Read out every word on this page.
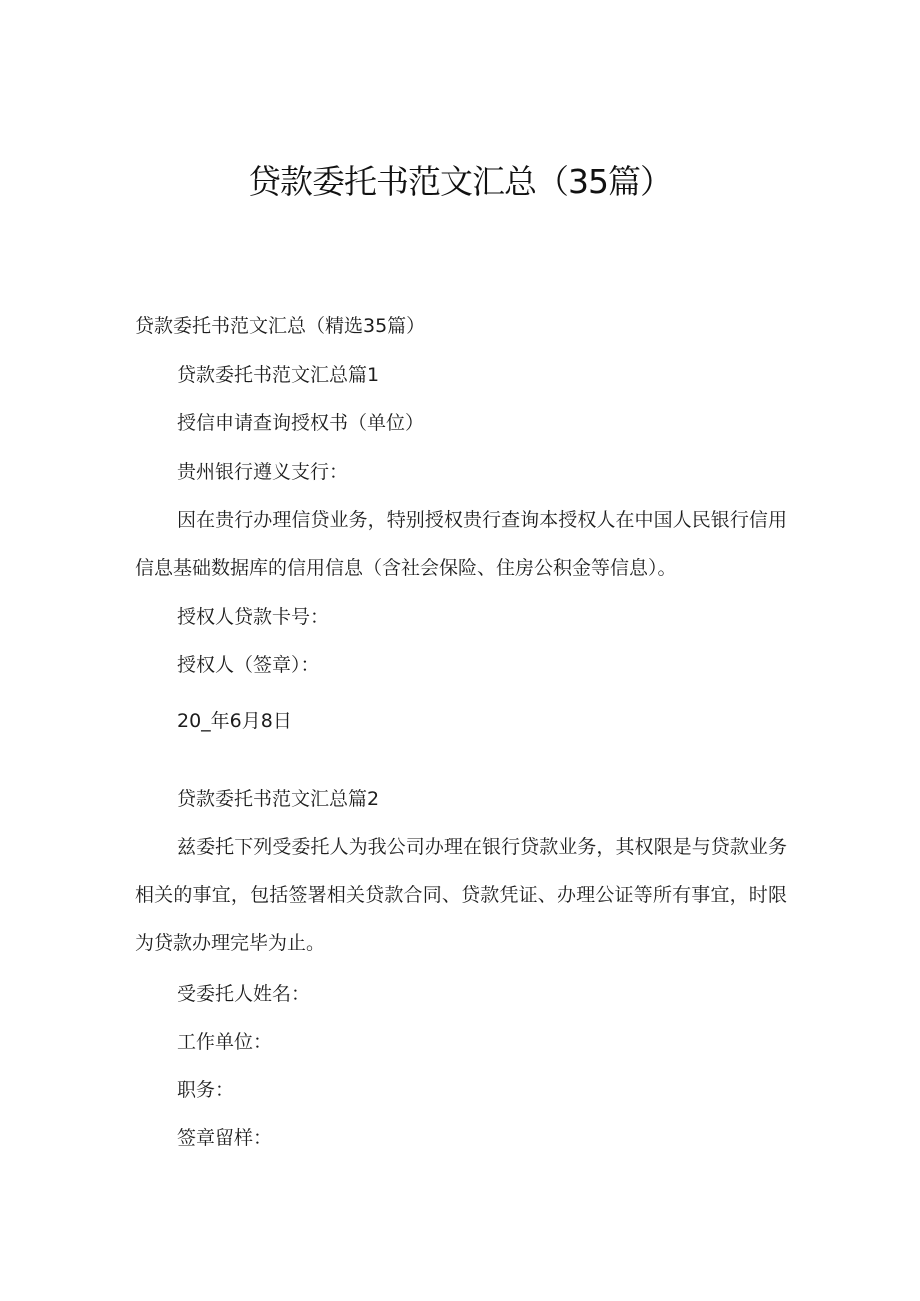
贷款委托书范文汇总（35篇）
贷款委托书范文汇总（精选35篇）
贷款委托书范文汇总篇1
授信申请查询授权书（单位）
贵州银行遵义支行：
因在贵行办理信贷业务，特别授权贵行查询本授权人在中国人民银行信用信息基础数据库的信用信息（含社会保险、住房公积金等信息）。
授权人贷款卡号：
授权人（签章）：
20_年6月8日
贷款委托书范文汇总篇2
兹委托下列受委托人为我公司办理在银行贷款业务，其权限是与贷款业务相关的事宜，包括签署相关贷款合同、贷款凭证、办理公证等所有事宜，时限为贷款办理完毕为止。
受委托人姓名：
工作单位：
职务：
签章留样：
